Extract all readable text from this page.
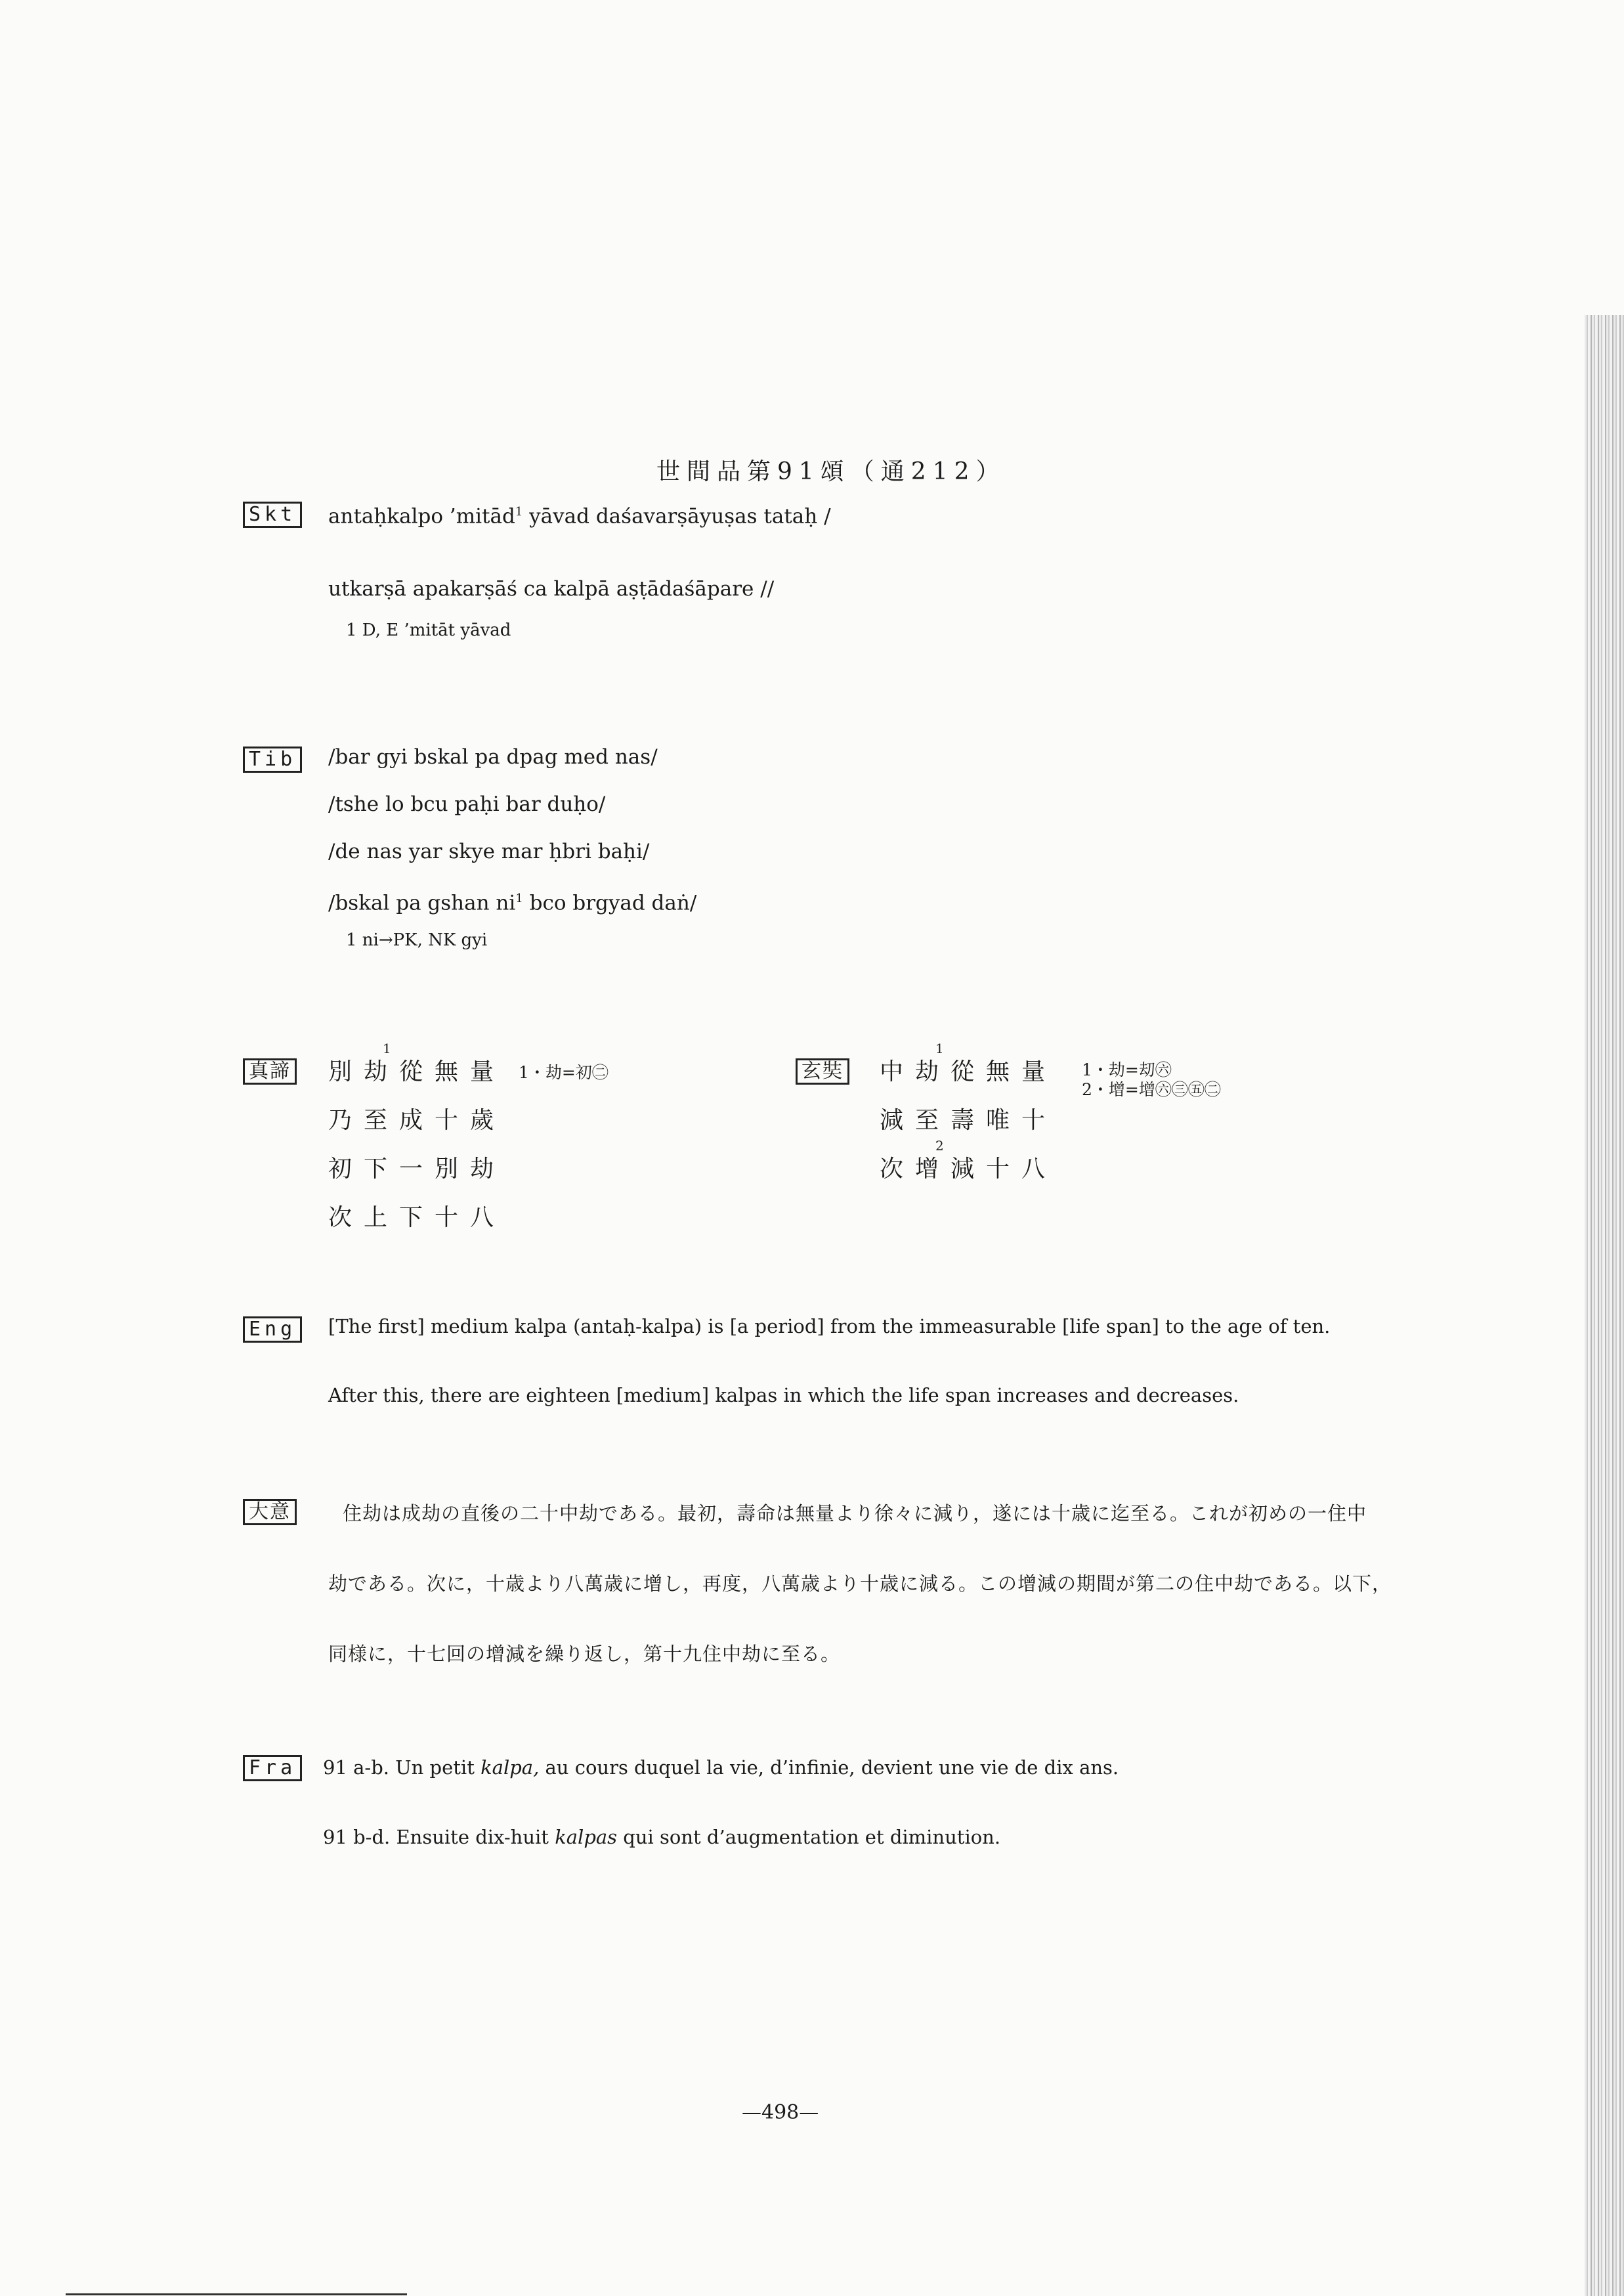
世間品第91頌（通212）
Skt antaḥkalpo ’mitād$^1$ yāvad daśavarṣāyuṣas tataḥ /
utkarṣā apakarṣāś ca kalpā aṣṭādaśāpare //
1 D, E ’mitāt yāvad
Tib /bar gyi bskal pa dpag med nas/
/tshe lo bcu paḥi bar duḥo/
/de nas yar skye mar ḥbri baḥi/
/bskal pa gshan $ni^1$ bco brgyad daṅ/
1 ni→PK, NK gyi
真諦
1
別劫從無量 1・劫=初㊁
乃至成十歲
初下一別劫
次上下十八
玄奘
1
中劫從無量 1・劫=刧㊅
2・增=增㊅㊂㊄㊁
減至壽唯十
2
次增減十八
Eng	[The first] medium kalpa (antaḥ-kalpa) is [a period] from the immeasurable [life span] to the age of ten.
After this, there are eighteen [medium] kalpas in which the life span increases and decreases.
大意	住劫は成劫の直後の二十中劫である。最初，壽命は無量より徐々に減り，遂には十歳に迄至る。これが初めの一住中
劫である。次に，十歳より八萬歳に增し，再度，八萬歳より十歳に減る。この增減の期間が第二の住中劫である。以下，
同様に，十七回の增減を繰り返し，第十九住中劫に至る。
Fra	91 a-b. Un petit kalpa, au cours duquel la vie, d’infinie, devient une vie de dix ans.
91 b-d. Ensuite dix-huit kalpas qui sont d’augmentation et diminution.
—498—
